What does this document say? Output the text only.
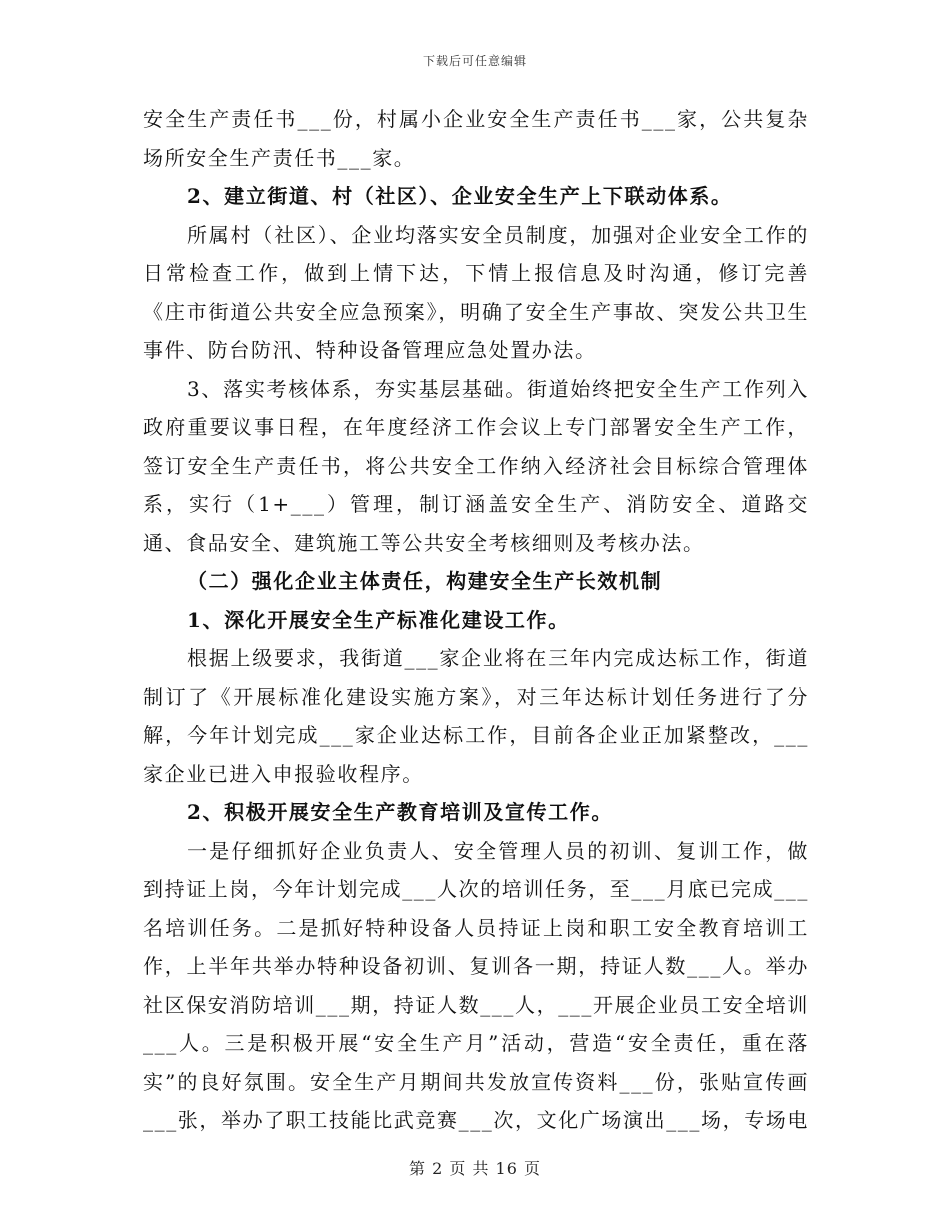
下载后可任意编辑

安全生产责任书___份，村属小企业安全生产责任书___家，公共复杂场所安全生产责任书___家。

2、建立街道、村（社区）、企业安全生产上下联动体系。

所属村（社区）、企业均落实安全员制度，加强对企业安全工作的日常检查工作，做到上情下达，下情上报信息及时沟通，修订完善《庄市街道公共安全应急预案》，明确了安全生产事故、突发公共卫生事件、防台防汛、特种设备管理应急处置办法。

3、落实考核体系，夯实基层基础。街道始终把安全生产工作列入政府重要议事日程，在年度经济工作会议上专门部署安全生产工作，签订安全生产责任书，将公共安全工作纳入经济社会目标综合管理体系，实行（1+___）管理，制订涵盖安全生产、消防安全、道路交通、食品安全、建筑施工等公共安全考核细则及考核办法。

（二）强化企业主体责任，构建安全生产长效机制

1、深化开展安全生产标准化建设工作。

根据上级要求，我街道___家企业将在三年内完成达标工作，街道制订了《开展标准化建设实施方案》，对三年达标计划任务进行了分解，今年计划完成___家企业达标工作，目前各企业正加紧整改，___家企业已进入申报验收程序。

2、积极开展安全生产教育培训及宣传工作。

一是仔细抓好企业负责人、安全管理人员的初训、复训工作，做到持证上岗，今年计划完成___人次的培训任务，至___月底已完成___名培训任务。二是抓好特种设备人员持证上岗和职工安全教育培训工作，上半年共举办特种设备初训、复训各一期，持证人数___人。举办社区保安消防培训___期，持证人数___人，___开展企业员工安全培训___人。三是积极开展“安全生产月”活动，营造“安全责任，重在落实”的良好氛围。安全生产月期间共发放宣传资料___份，张贴宣传画___张，举办了职工技能比武竞赛___次，文化广场演出___场，专场电

第 2 页 共 16 页
